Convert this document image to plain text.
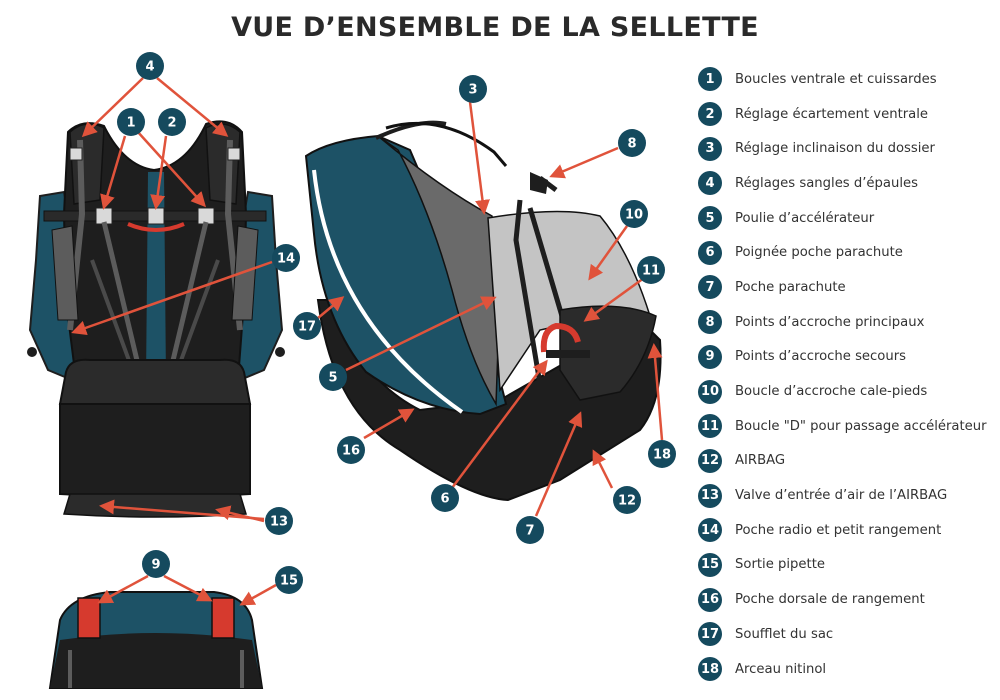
VUE D’ENSEMBLE DE LA SELLETTE
4
1 2
3
8
10
11
14
17
5
16	18
6	12
7
13
9
15
1	Boucles ventrale et cuissardes
2	Réglage écartement ventrale
3	Réglage inclinaison du dossier
4	Réglages sangles d’épaules
5	Poulie d’accélérateur
6	Poignée poche parachute
7	Poche parachute
8	Points d’accroche principaux
9	Points d’accroche secours
10 Boucle d’accroche cale-pieds
11 Boucle "D" pour passage accélérateur
12 AIRBAG
13 Valve d’entrée d’air de l’AIRBAG
14 Poche radio et petit rangement
15 Sortie pipette
16 Poche dorsale de rangement
17 Soufflet du sac
18 Arceau nitinol
